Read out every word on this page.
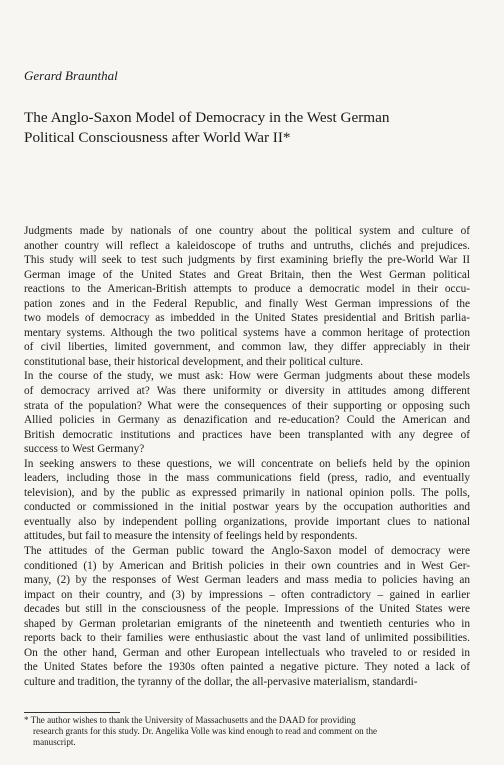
Gerard Braunthal
The Anglo-Saxon Model of Democracy in the West German
Political Consciousness after World War II*
Judgments made by nationals of one country about the political system and culture of
another country will reflect a kaleidoscope of truths and untruths, clichés and prejudices.
This study will seek to test such judgments by first examining briefly the pre-World War II
German image of the United States and Great Britain, then the West German political
reactions to the American-British attempts to produce a democratic model in their occu-
pation zones and in the Federal Republic, and finally West German impressions of the
two models of democracy as imbedded in the United States presidential and British parlia-
mentary systems. Although the two political systems have a common heritage of protection
of civil liberties, limited government, and common law, they differ appreciably in their
constitutional base, their historical development, and their political culture.
In the course of the study, we must ask: How were German judgments about these models
of democracy arrived at? Was there uniformity or diversity in attitudes among different
strata of the population? What were the consequences of their supporting or opposing such
Allied policies in Germany as denazification and re-education? Could the American and
British democratic institutions and practices have been transplanted with any degree of
success to West Germany?
In seeking answers to these questions, we will concentrate on beliefs held by the opinion
leaders, including those in the mass communications field (press, radio, and eventually
television), and by the public as expressed primarily in national opinion polls. The polls,
conducted or commissioned in the initial postwar years by the occupation authorities and
eventually also by independent polling organizations, provide important clues to national
attitudes, but fail to measure the intensity of feelings held by respondents.
The attitudes of the German public toward the Anglo-Saxon model of democracy were
conditioned (1) by American and British policies in their own countries and in West Ger-
many, (2) by the responses of West German leaders and mass media to policies having an
impact on their country, and (3) by impressions – often contradictory – gained in earlier
decades but still in the consciousness of the people. Impressions of the United States were
shaped by German proletarian emigrants of the nineteenth and twentieth centuries who in
reports back to their families were enthusiastic about the vast land of unlimited possibilities.
On the other hand, German and other European intellectuals who traveled to or resided in
the United States before the 1930s often painted a negative picture. They noted a lack of
culture and tradition, the tyranny of the dollar, the all-pervasive materialism, standardi-
* The author wishes to thank the University of Massachusetts and the DAAD for providing
research grants for this study. Dr. Angelika Volle was kind enough to read and comment on the
manuscript.
